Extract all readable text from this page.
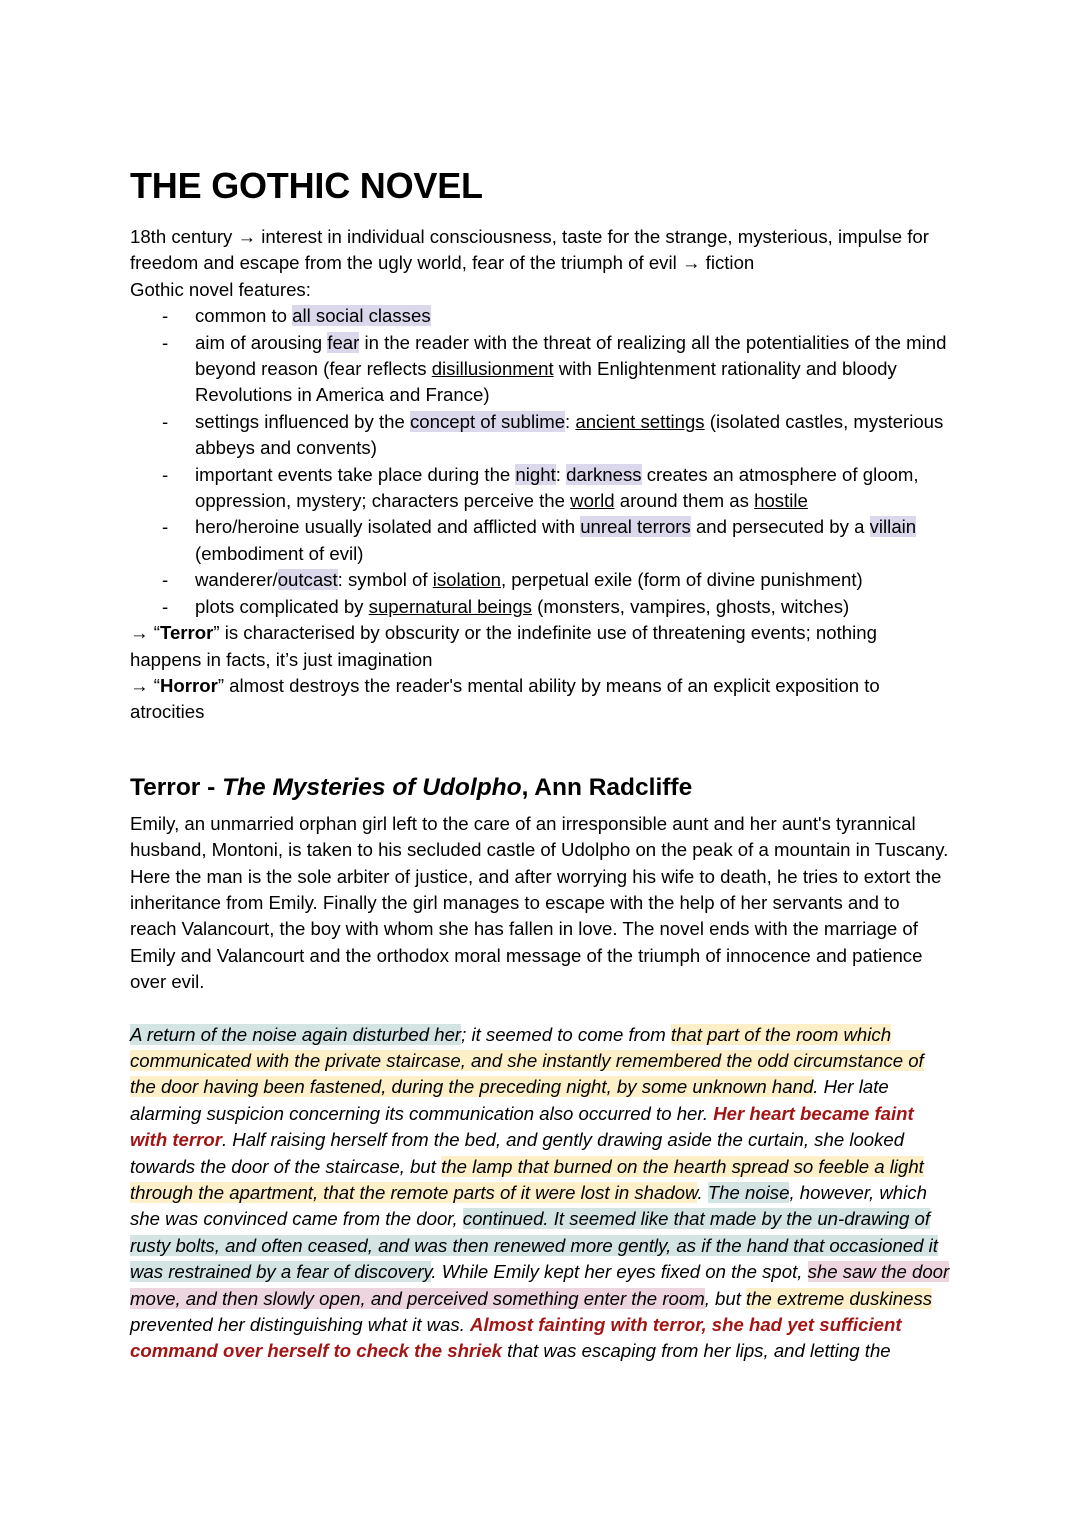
THE GOTHIC NOVEL

18th century → interest in individual consciousness, taste for the strange, mysterious, impulse for freedom and escape from the ugly world, fear of the triumph of evil → fiction
Gothic novel features:

- common to all social classes
- aim of arousing fear in the reader with the threat of realizing all the potentialities of the mind beyond reason (fear reflects disillusionment with Enlightenment rationality and bloody Revolutions in America and France)
- settings influenced by the concept of sublime: ancient settings (isolated castles, mysterious abbeys and convents)
- important events take place during the night: darkness creates an atmosphere of gloom, oppression, mystery; characters perceive the world around them as hostile
- hero/heroine usually isolated and afflicted with unreal terrors and persecuted by a villain (embodiment of evil)
- wanderer/outcast: symbol of isolation, perpetual exile (form of divine punishment)
- plots complicated by supernatural beings (monsters, vampires, ghosts, witches)

→ “Terror” is characterised by obscurity or the indefinite use of threatening events; nothing happens in facts, it’s just imagination

→ “Horror” almost destroys the reader's mental ability by means of an explicit exposition to atrocities

Terror - The Mysteries of Udolpho, Ann Radcliffe

Emily, an unmarried orphan girl left to the care of an irresponsible aunt and her aunt's tyrannical husband, Montoni, is taken to his secluded castle of Udolpho on the peak of a mountain in Tuscany. Here the man is the sole arbiter of justice, and after worrying his wife to death, he tries to extort the inheritance from Emily. Finally the girl manages to escape with the help of her servants and to reach Valancourt, the boy with whom she has fallen in love. The novel ends with the marriage of Emily and Valancourt and the orthodox moral message of the triumph of innocence and patience over evil.

A return of the noise again disturbed her; it seemed to come from that part of the room which communicated with the private staircase, and she instantly remembered the odd circumstance of the door having been fastened, during the preceding night, by some unknown hand. Her late alarming suspicion concerning its communication also occurred to her. Her heart became faint with terror. Half raising herself from the bed, and gently drawing aside the curtain, she looked towards the door of the staircase, but the lamp that burned on the hearth spread so feeble a light through the apartment, that the remote parts of it were lost in shadow. The noise, however, which she was convinced came from the door, continued. It seemed like that made by the un-drawing of rusty bolts, and often ceased, and was then renewed more gently, as if the hand that occasioned it was restrained by a fear of discovery. While Emily kept her eyes fixed on the spot, she saw the door move, and then slowly open, and perceived something enter the room, but the extreme duskiness prevented her distinguishing what it was. Almost fainting with terror, she had yet sufficient command over herself to check the shriek that was escaping from her lips, and letting the
